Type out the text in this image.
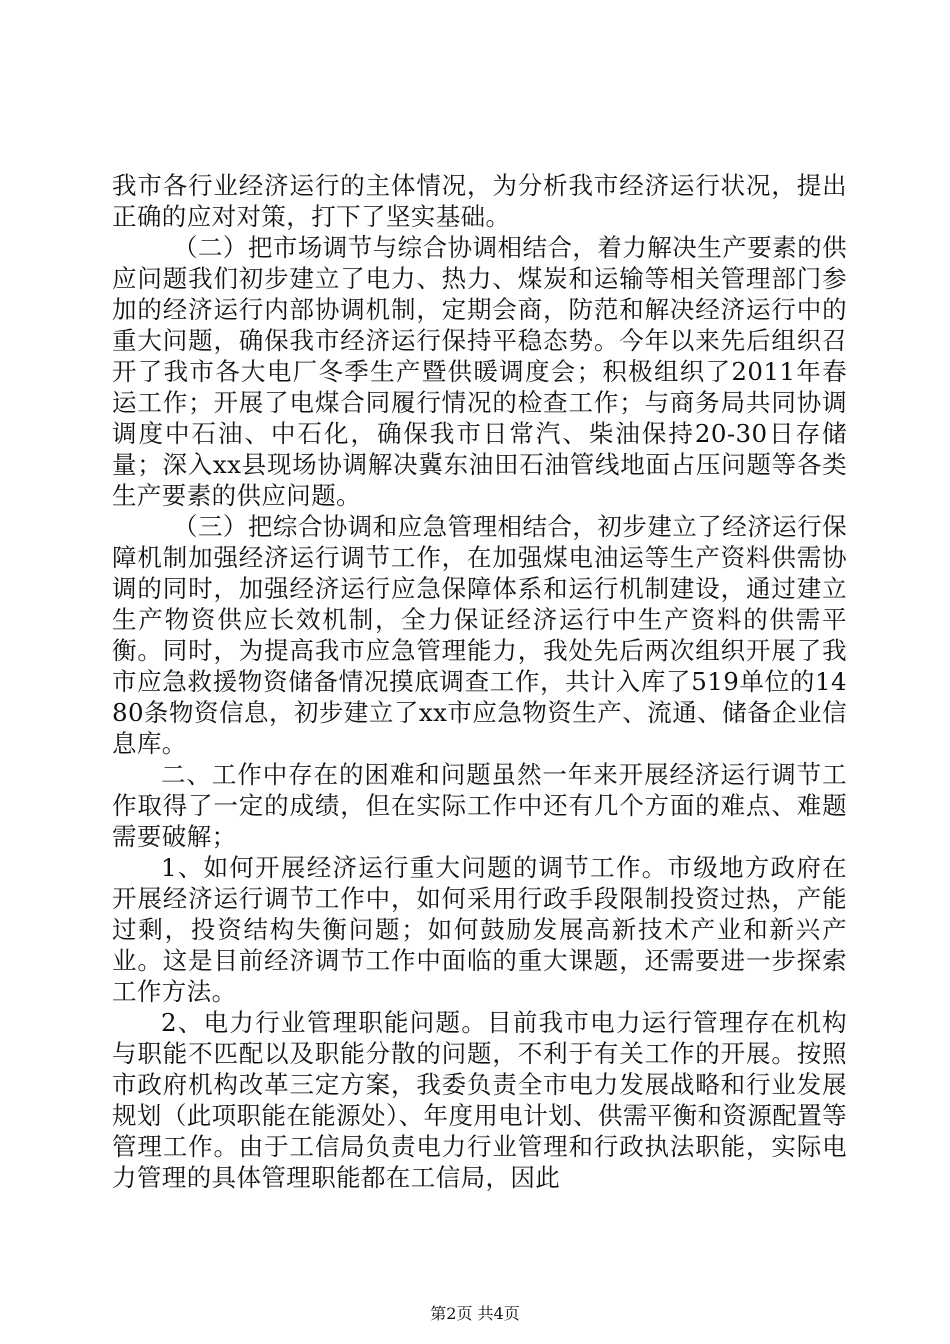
我市各行业经济运行的主体情况，为分析我市经济运行状况，提出正确的应对对策，打下了坚实基础。

（二）把市场调节与综合协调相结合，着力解决生产要素的供应问题我们初步建立了电力、热力、煤炭和运输等相关管理部门参加的经济运行内部协调机制，定期会商，防范和解决经济运行中的重大问题，确保我市经济运行保持平稳态势。今年以来先后组织召开了我市各大电厂冬季生产暨供暖调度会；积极组织了2011年春运工作；开展了电煤合同履行情况的检查工作；与商务局共同协调调度中石油、中石化，确保我市日常汽、柴油保持20-30日存储量；深入xx县现场协调解决冀东油田石油管线地面占压问题等各类生产要素的供应问题。

（三）把综合协调和应急管理相结合，初步建立了经济运行保障机制加强经济运行调节工作，在加强煤电油运等生产资料供需协调的同时，加强经济运行应急保障体系和运行机制建设，通过建立生产物资供应长效机制，全力保证经济运行中生产资料的供需平衡。同时，为提高我市应急管理能力，我处先后两次组织开展了我市应急救援物资储备情况摸底调查工作，共计入库了519单位的1480条物资信息，初步建立了xx市应急物资生产、流通、储备企业信息库。

二、工作中存在的困难和问题虽然一年来开展经济运行调节工作取得了一定的成绩，但在实际工作中还有几个方面的难点、难题需要破解；

1、如何开展经济运行重大问题的调节工作。市级地方政府在开展经济运行调节工作中，如何采用行政手段限制投资过热，产能过剩，投资结构失衡问题；如何鼓励发展高新技术产业和新兴产业。这是目前经济调节工作中面临的重大课题，还需要进一步探索工作方法。

2、电力行业管理职能问题。目前我市电力运行管理存在机构与职能不匹配以及职能分散的问题，不利于有关工作的开展。按照市政府机构改革三定方案，我委负责全市电力发展战略和行业发展规划（此项职能在能源处）、年度用电计划、供需平衡和资源配置等管理工作。由于工信局负责电力行业管理和行政执法职能，实际电力管理的具体管理职能都在工信局，因此

第2页 共4页
